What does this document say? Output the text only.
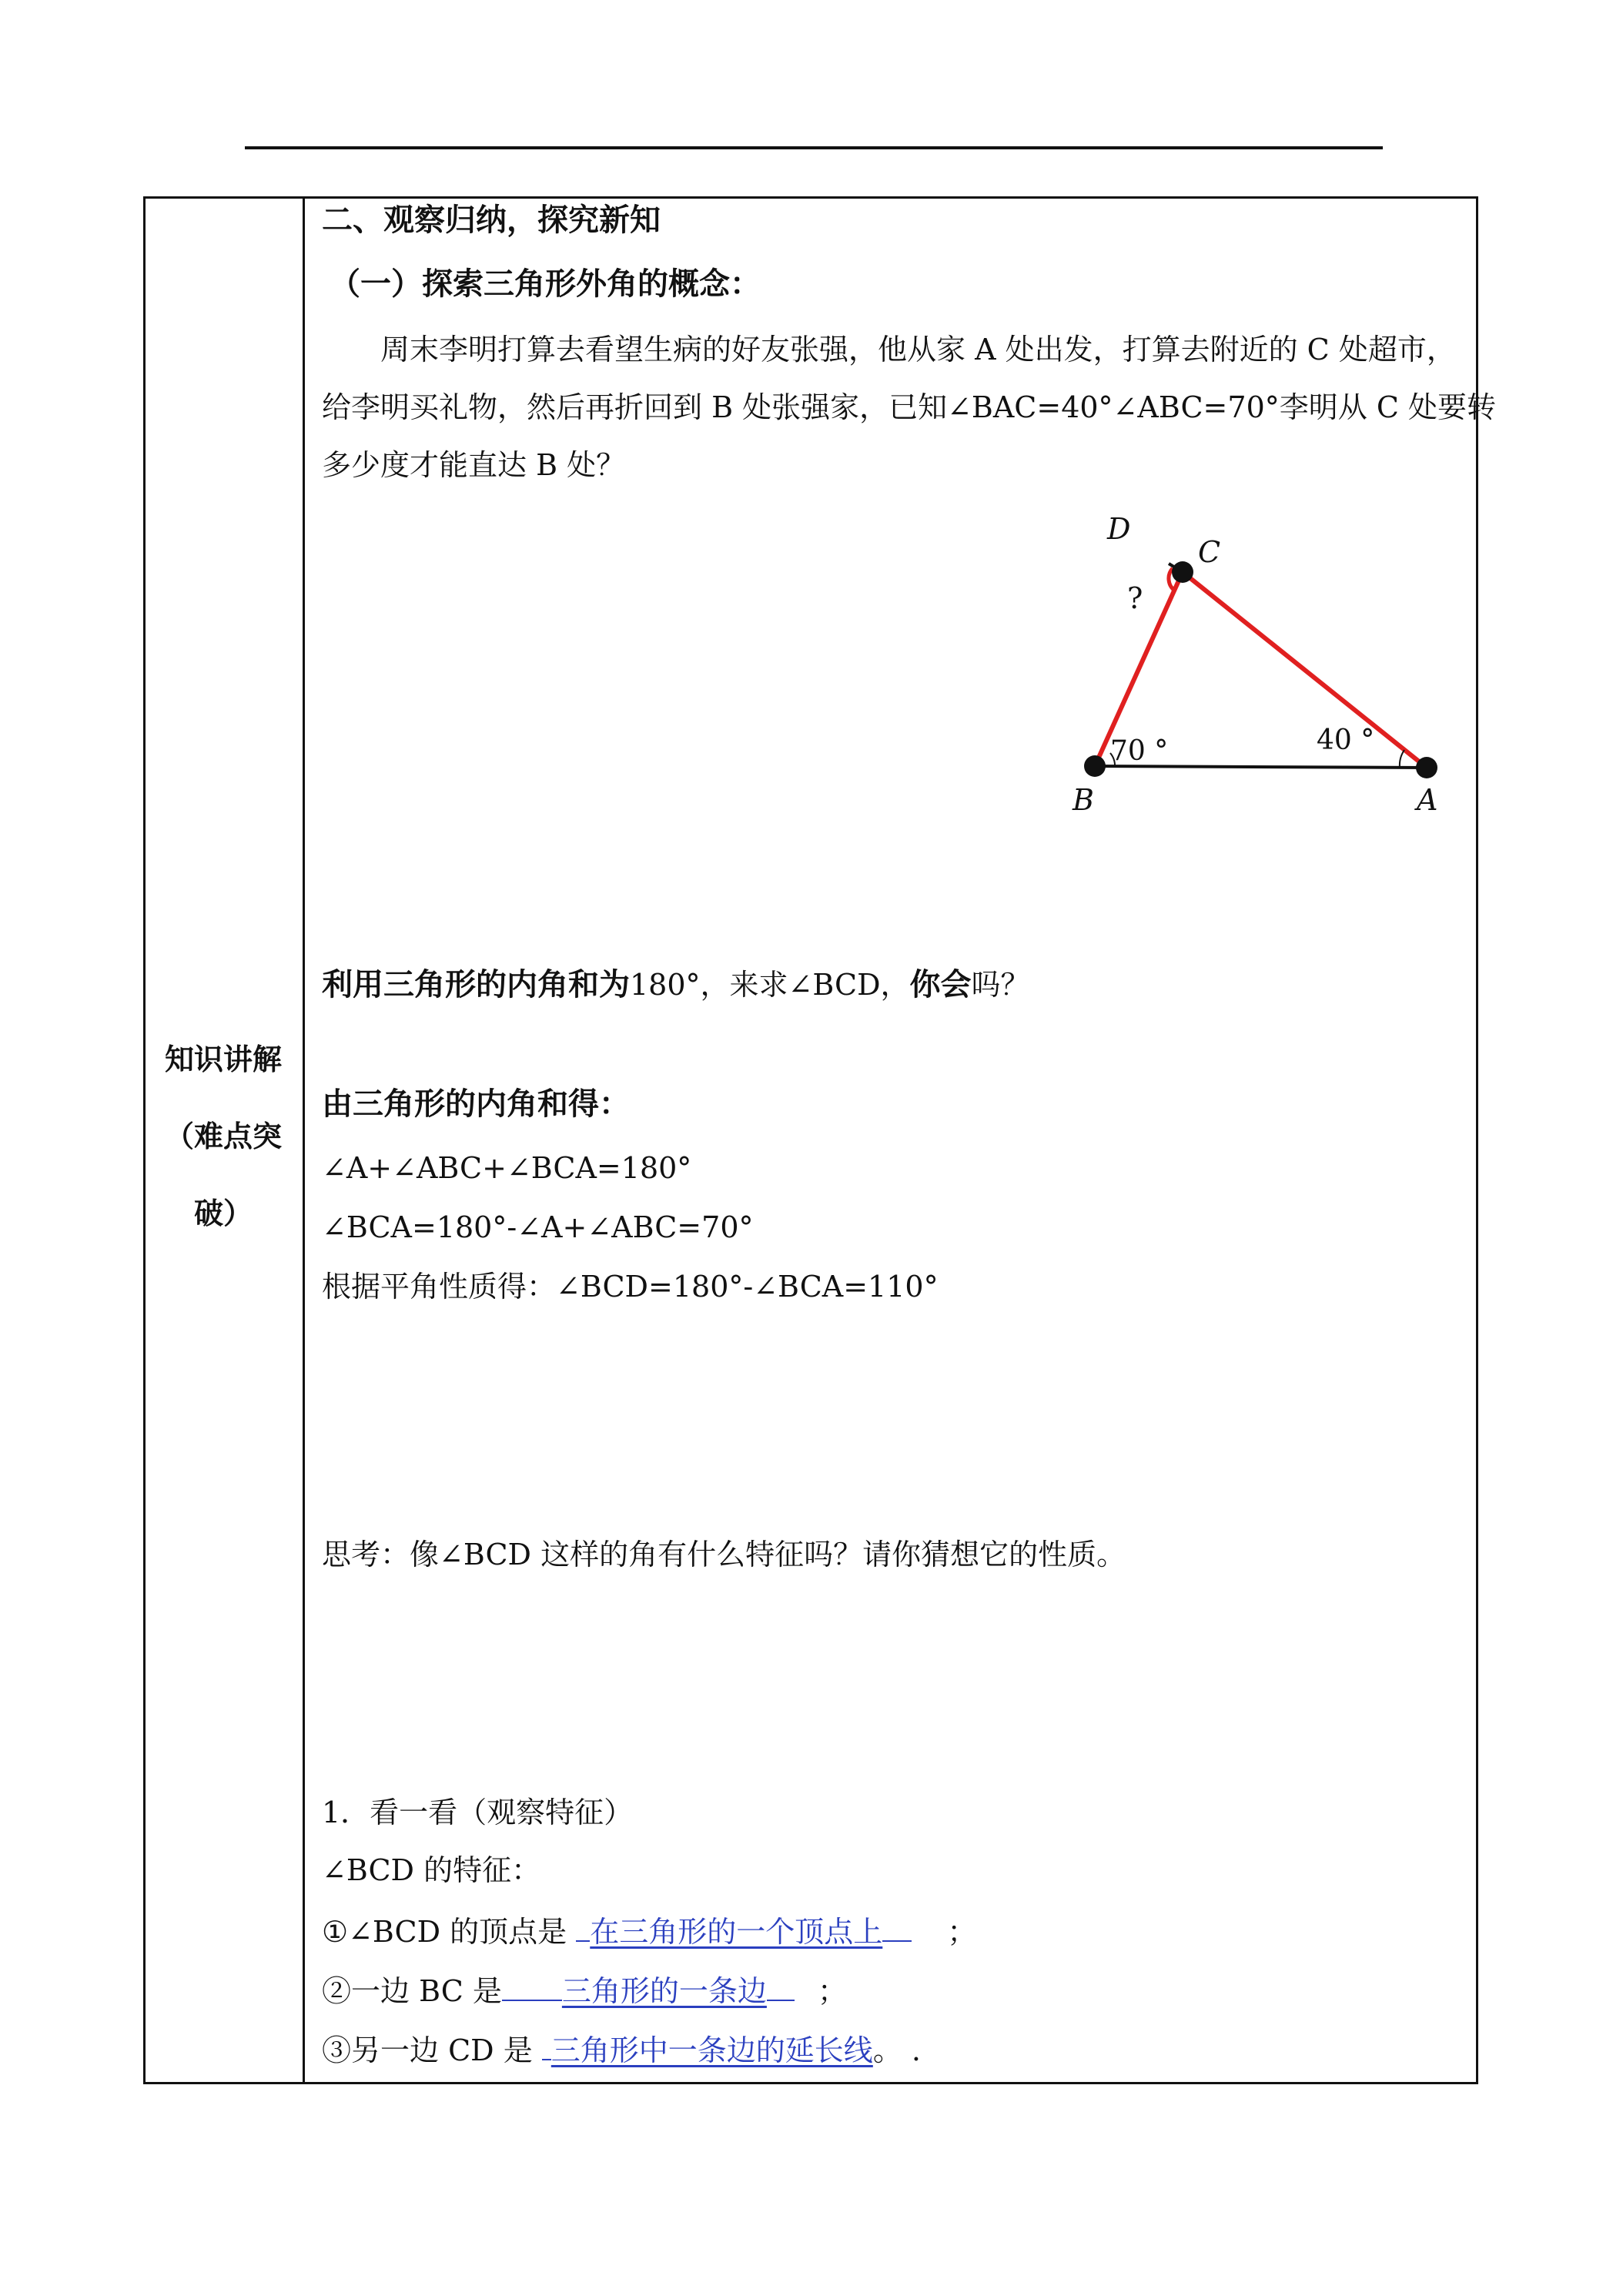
知识讲解
（难点突
破）
二、观察归纳，探究新知
（一）探索三角形外角的概念：
周末李明打算去看望生病的好友张强，他从家 A 处出发，打算去附近的 C 处超市，
给李明买礼物，然后再折回到 B 处张强家，已知∠BAC=40°∠ABC=70°李明从 C 处要转
多少度才能直达 B 处？
D
C
?
70 °	40 °
B	A
利用三角形的内角和为180°，来求∠BCD，你会吗？
由三角形的内角和得：
∠A+∠ABC+∠BCA=180°
∠BCA=180°-∠A+∠ABC=70°
根据平角性质得：∠BCD=180°-∠BCA=110°
思考：像∠BCD 这样的角有什么特征吗？请你猜想它的性质。
1．看一看（观察特征）
∠BCD 的特征：
①∠BCD 的顶点是 在三角形的一个顶点上 ；
②一边 BC 是 三角形的一条边 ；
③另一边 CD 是 三角形中一条边的延长线。 .
